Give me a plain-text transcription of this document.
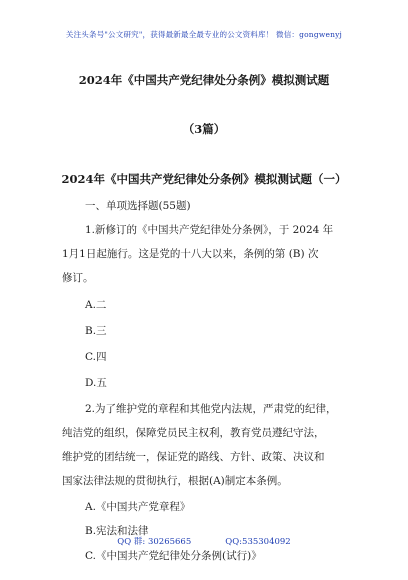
关注头条号"公文研究"，获得最新最全最专业的公文资料库！ 微信：gongwenyj
2024年《中国共产党纪律处分条例》模拟测试题
（3篇）
2024年《中国共产党纪律处分条例》模拟测试题（一）
一、单项选择题(55题)
1.新修订的《中国共产党纪律处分条例》，于 2024 年
1月1日起施行。这是党的十八大以来，条例的第 (B) 次
修订。
A.二
B.三
C.四
D.五
2.为了维护党的章程和其他党内法规，严肃党的纪律，
纯洁党的组织，保障党员民主权利，教育党员遵纪守法，
维护党的团结统一，保证党的路线、方针、政策、决议和
国家法律法规的贯彻执行，根据(A)制定本条例。
A.《中国共产党章程》
B.宪法和法律
C.《中国共产党纪律处分条例(试行)》
QQ 群: 30265665	QQ:535304092
